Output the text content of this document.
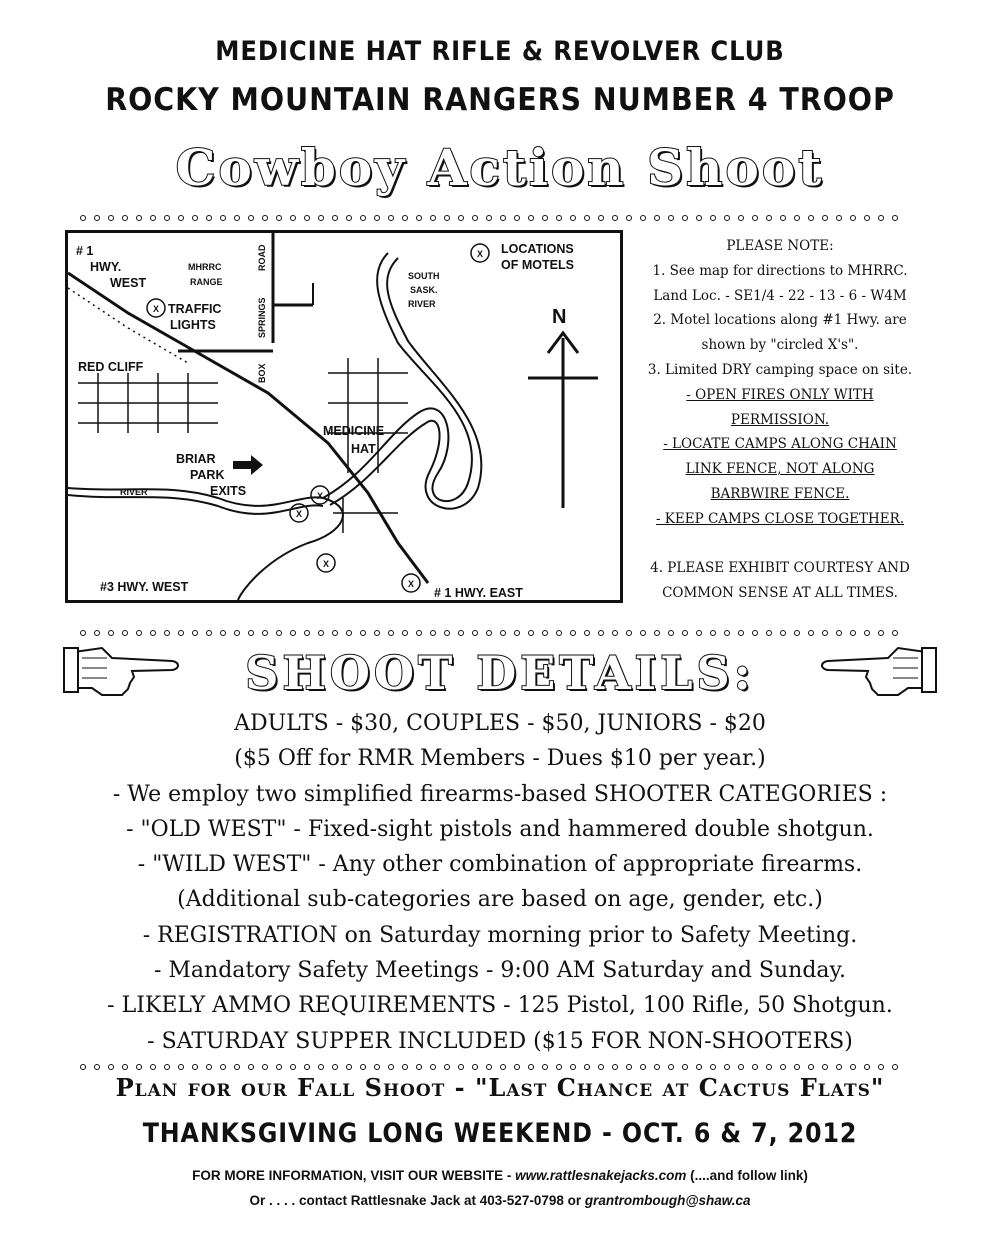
MEDICINE HAT RIFLE & REVOLVER CLUB
ROCKY MOUNTAIN RANGERS NUMBER 4 TROOP
Cowboy Action Shoot
X
X
X
X
X
X
# 1
HWY.
WEST
MHRRC
RANGE
ROAD
SPRINGS
BOX
TRAFFIC
LIGHTS
RED CLIFF
MEDICINE
HAT
SOUTH
SASK.
RIVER
BRIAR
PARK
EXITS
RIVER
#3 HWY. WEST	# 1 HWY. EAST
LOCATIONS
OF MOTELS
N
PLEASE NOTE:
1. See map for directions to MHRRC.
Land Loc. - SE1/4 - 22 - 13 - 6 - W4M
2. Motel locations along #1 Hwy. are
shown by "circled X's".
3. Limited DRY camping space on site.
- OPEN FIRES ONLY WITH
PERMISSION.
- LOCATE CAMPS ALONG CHAIN
LINK FENCE, NOT ALONG
BARBWIRE FENCE.
- KEEP CAMPS CLOSE TOGETHER.

4. PLEASE EXHIBIT COURTESY AND
COMMON SENSE AT ALL TIMES.
SHOOT DETAILS:
ADULTS - $30, COUPLES - $50, JUNIORS - $20
($5 Off for RMR Members - Dues $10 per year.)
- We employ two simplified firearms-based SHOOTER CATEGORIES :
- "OLD WEST" - Fixed-sight pistols and hammered double shotgun.
- "WILD WEST" - Any other combination of appropriate firearms.
(Additional sub-categories are based on age, gender, etc.)
- REGISTRATION on Saturday morning prior to Safety Meeting.
- Mandatory Safety Meetings - 9:00 AM Saturday and Sunday.
- LIKELY AMMO REQUIREMENTS - 125 Pistol, 100 Rifle, 50 Shotgun.
- SATURDAY SUPPER INCLUDED ($15 FOR NON-SHOOTERS)
Plan for our Fall Shoot - "Last Chance at Cactus Flats"
THANKSGIVING LONG WEEKEND - OCT. 6 & 7, 2012
FOR MORE INFORMATION, VISIT OUR WEBSITE - www.rattlesnakejacks.com (....and follow link)
Or . . . . contact Rattlesnake Jack at 403-527-0798 or grantrombough@shaw.ca
